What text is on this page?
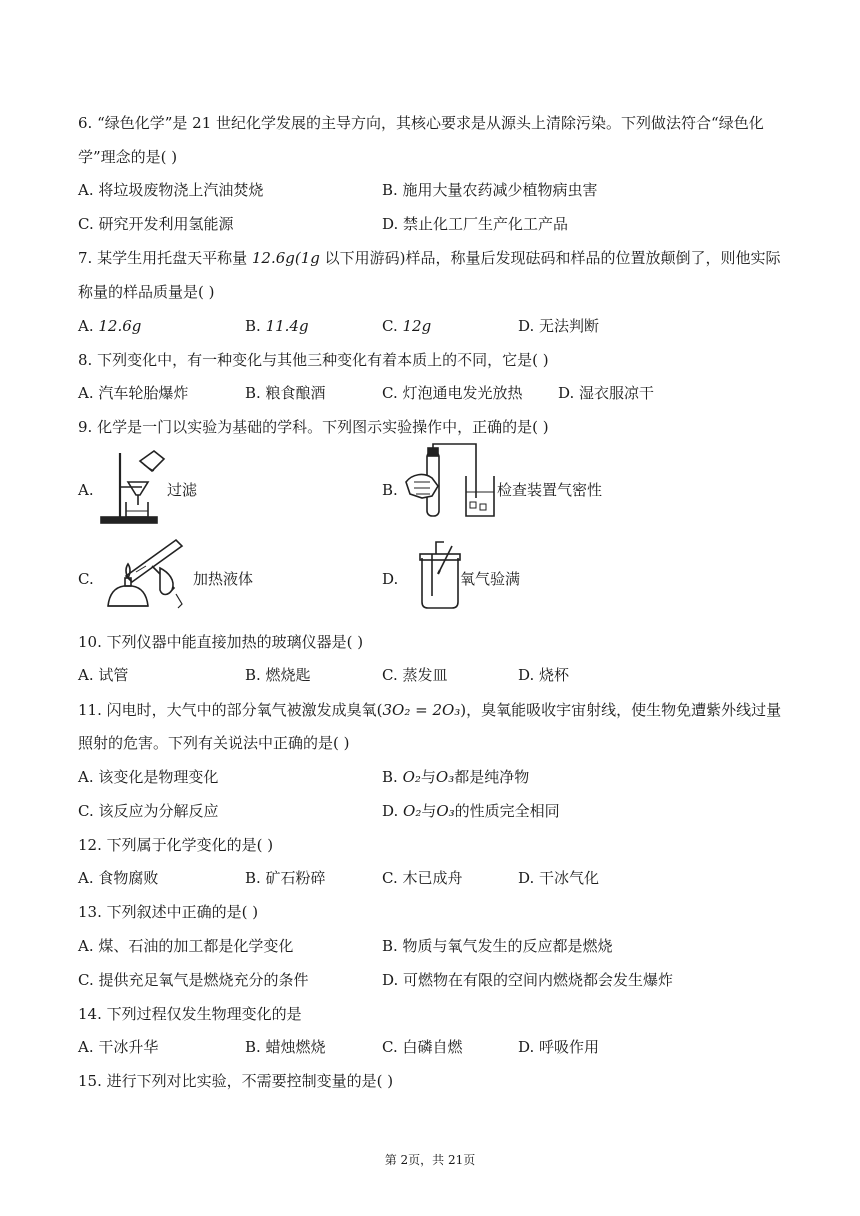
6. “绿色化学”是 21 世纪化学发展的主导方向，其核心要求是从源头上清除污染。下列做法符合“绿色化
学”理念的是( )
A. 将垃圾废物浇上汽油焚烧	B. 施用大量农药减少植物病虫害
C. 研究开发利用氢能源	D. 禁止化工厂生产化工产品
7. 某学生用托盘天平称量 12.6g(1g 以下用游码)样品，称量后发现砝码和样品的位置放颠倒了，则他实际
称量的样品质量是( )
A. 12.6g	B. 11.4g	C. 12g	D. 无法判断
8. 下列变化中，有一种变化与其他三种变化有着本质上的不同，它是( )
A. 汽车轮胎爆炸	B. 粮食酿酒	C. 灯泡通电发光放热 D. 湿衣服凉干
9. 化学是一门以实验为基础的学科。下列图示实验操作中，正确的是( )
A.	过滤	B.	检查装置气密性
C.	加热液体	D.	氧气验满
10. 下列仪器中能直接加热的玻璃仪器是( )
A. 试管	B. 燃烧匙	C. 蒸发皿	D. 烧杯
11. 闪电时，大气中的部分氧气被激发成臭氧(3O₂ = 2O₃)，臭氧能吸收宇宙射线，使生物免遭紫外线过量
照射的危害。下列有关说法中正确的是( )
A. 该变化是物理变化	B. O₂与O₃都是纯净物
C. 该反应为分解反应	D. O₂与O₃的性质完全相同
12. 下列属于化学变化的是( )
A. 食物腐败	B. 矿石粉碎	C. 木已成舟	D. 干冰气化
13. 下列叙述中正确的是( )
A. 煤、石油的加工都是化学变化	B. 物质与氧气发生的反应都是燃烧
C. 提供充足氧气是燃烧充分的条件	D. 可燃物在有限的空间内燃烧都会发生爆炸
14. 下列过程仅发生物理变化的是
A. 干冰升华	B. 蜡烛燃烧	C. 白磷自燃	D. 呼吸作用
15. 进行下列对比实验，不需要控制变量的是( )
第 2页，共 21页
